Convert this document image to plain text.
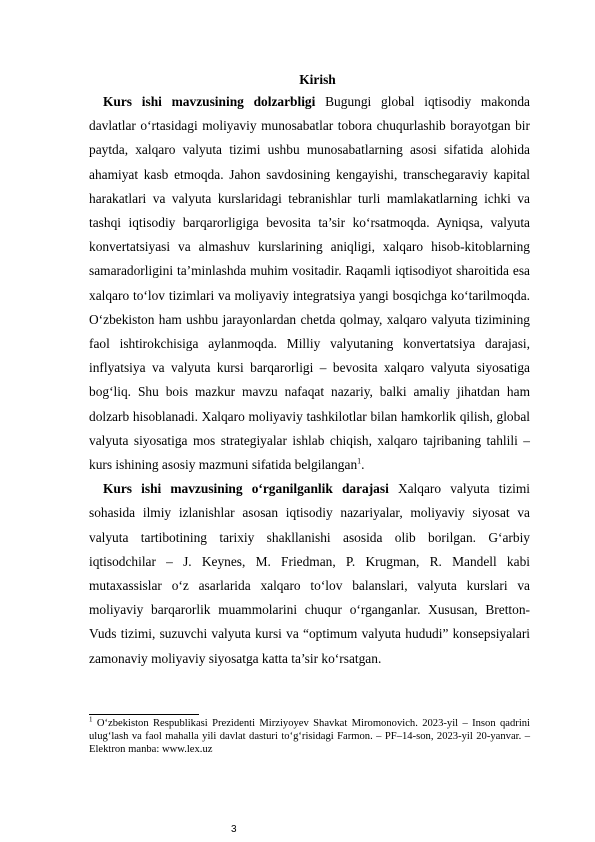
Kirish

Kurs ishi mavzusining dolzarbligi Bugungi global iqtisodiy makonda davlatlar o‘rtasidagi moliyaviy munosabatlar tobora chuqurlashib borayotgan bir paytda, xalqaro valyuta tizimi ushbu munosabatlarning asosi sifatida alohida ahamiyat kasb etmoqda. Jahon savdosining kengayishi, transchegaraviy kapital harakatlari va valyuta kurslaridagi tebranishlar turli mamlakatlarning ichki va tashqi iqtisodiy barqarorligiga bevosita ta’sir ko‘rsatmoqda. Ayniqsa, valyuta konvertatsiyasi va almashuv kurslarining aniqligi, xalqaro hisob-kitoblarning samaradorligini ta’minlashda muhim vositadir. Raqamli iqtisodiyot sharoitida esa xalqaro to‘lov tizimlari va moliyaviy integratsiya yangi bosqichga ko‘tarilmoqda. O‘zbekiston ham ushbu jarayonlardan chetda qolmay, xalqaro valyuta tizimining faol ishtirokchisiga aylanmoqda. Milliy valyutaning konvertatsiya darajasi, inflyatsiya va valyuta kursi barqarorligi – bevosita xalqaro valyuta siyosatiga bog‘liq. Shu bois mazkur mavzu nafaqat nazariy, balki amaliy jihatdan ham dolzarb hisoblanadi. Xalqaro moliyaviy tashkilotlar bilan hamkorlik qilish, global valyuta siyosatiga mos strategiyalar ishlab chiqish, xalqaro tajribaning tahlili – kurs ishining asosiy mazmuni sifatida belgilangan$^1$.

Kurs ishi mavzusining o‘rganilganlik darajasi Xalqaro valyuta tizimi sohasida ilmiy izlanishlar asosan iqtisodiy nazariyalar, moliyaviy siyosat va valyuta tartibotining tarixiy shakllanishi asosida olib borilgan. G‘arbiy iqtisodchilar – J. Keynes, M. Friedman, P. Krugman, R. Mandell kabi mutaxassislar o‘z asarlarida xalqaro to‘lov balanslari, valyuta kurslari va moliyaviy barqarorlik muammolarini chuqur o‘rganganlar. Xususan, Bretton-Vuds tizimi, suzuvchi valyuta kursi va “optimum valyuta hududi” konsepsiyalari zamonaviy moliyaviy siyosatga katta ta’sir ko‘rsatgan.

$^1$ O‘zbekiston Respublikasi Prezidenti Mirziyoyev Shavkat Miromonovich. 2023-yil – Inson qadrini ulug‘lash va faol mahalla yili davlat dasturi to‘g‘risidagi Farmon. – PF–14-son, 2023-yil 20-yanvar. – Elektron manba: www.lex.uz
3
